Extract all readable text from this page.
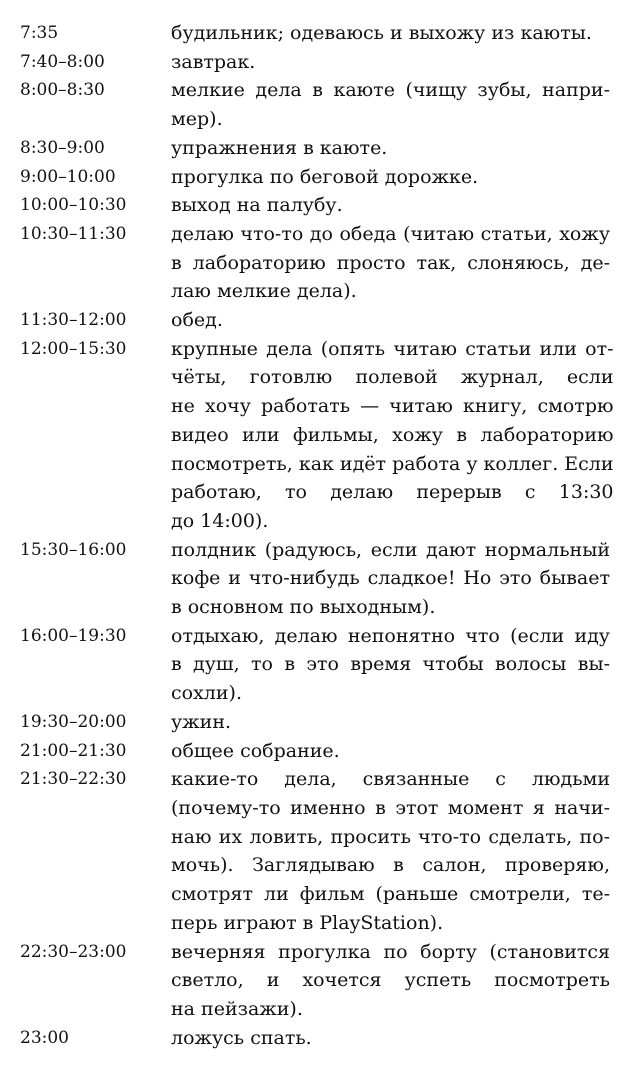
7:35	будильник; одеваюсь и выхожу из каюты.
7:40–8:00	завтрак.
8:00–8:30	мелкие дела в каюте (чищу зубы, напри-
мер).
8:30–9:00	упражнения в каюте.
9:00–10:00	прогулка по беговой дорожке.
10:00–10:30	выход на палубу.
10:30–11:30	делаю что-то до обеда (читаю статьи, хожу
в лабораторию просто так, слоняюсь, де-
лаю мелкие дела).
11:30–12:00	обед.
12:00–15:30	крупные дела (опять читаю статьи или от-
чёты, готовлю полевой журнал, если
не хочу работать — читаю книгу, смотрю
видео или фильмы, хожу в лабораторию
посмотреть, как идёт работа у коллег. Если
работаю, то делаю перерыв с 13:30
до 14:00).
15:30–16:00	полдник (радуюсь, если дают нормальный
кофе и что-нибудь сладкое! Но это бывает
в основном по выходным).
16:00–19:30	отдыхаю, делаю непонятно что (если иду
в душ, то в это время чтобы волосы вы-
сохли).
19:30–20:00	ужин.
21:00–21:30	общее собрание.
21:30–22:30	какие-то дела, связанные с людьми
(почему-то именно в этот момент я начи-
наю их ловить, просить что-то сделать, по-
мочь). Заглядываю в салон, проверяю,
смотрят ли фильм (раньше смотрели, те-
перь играют в PlayStation).
22:30–23:00	вечерняя прогулка по борту (становится
светло, и хочется успеть посмотреть
на пейзажи).
23:00	ложусь спать.
